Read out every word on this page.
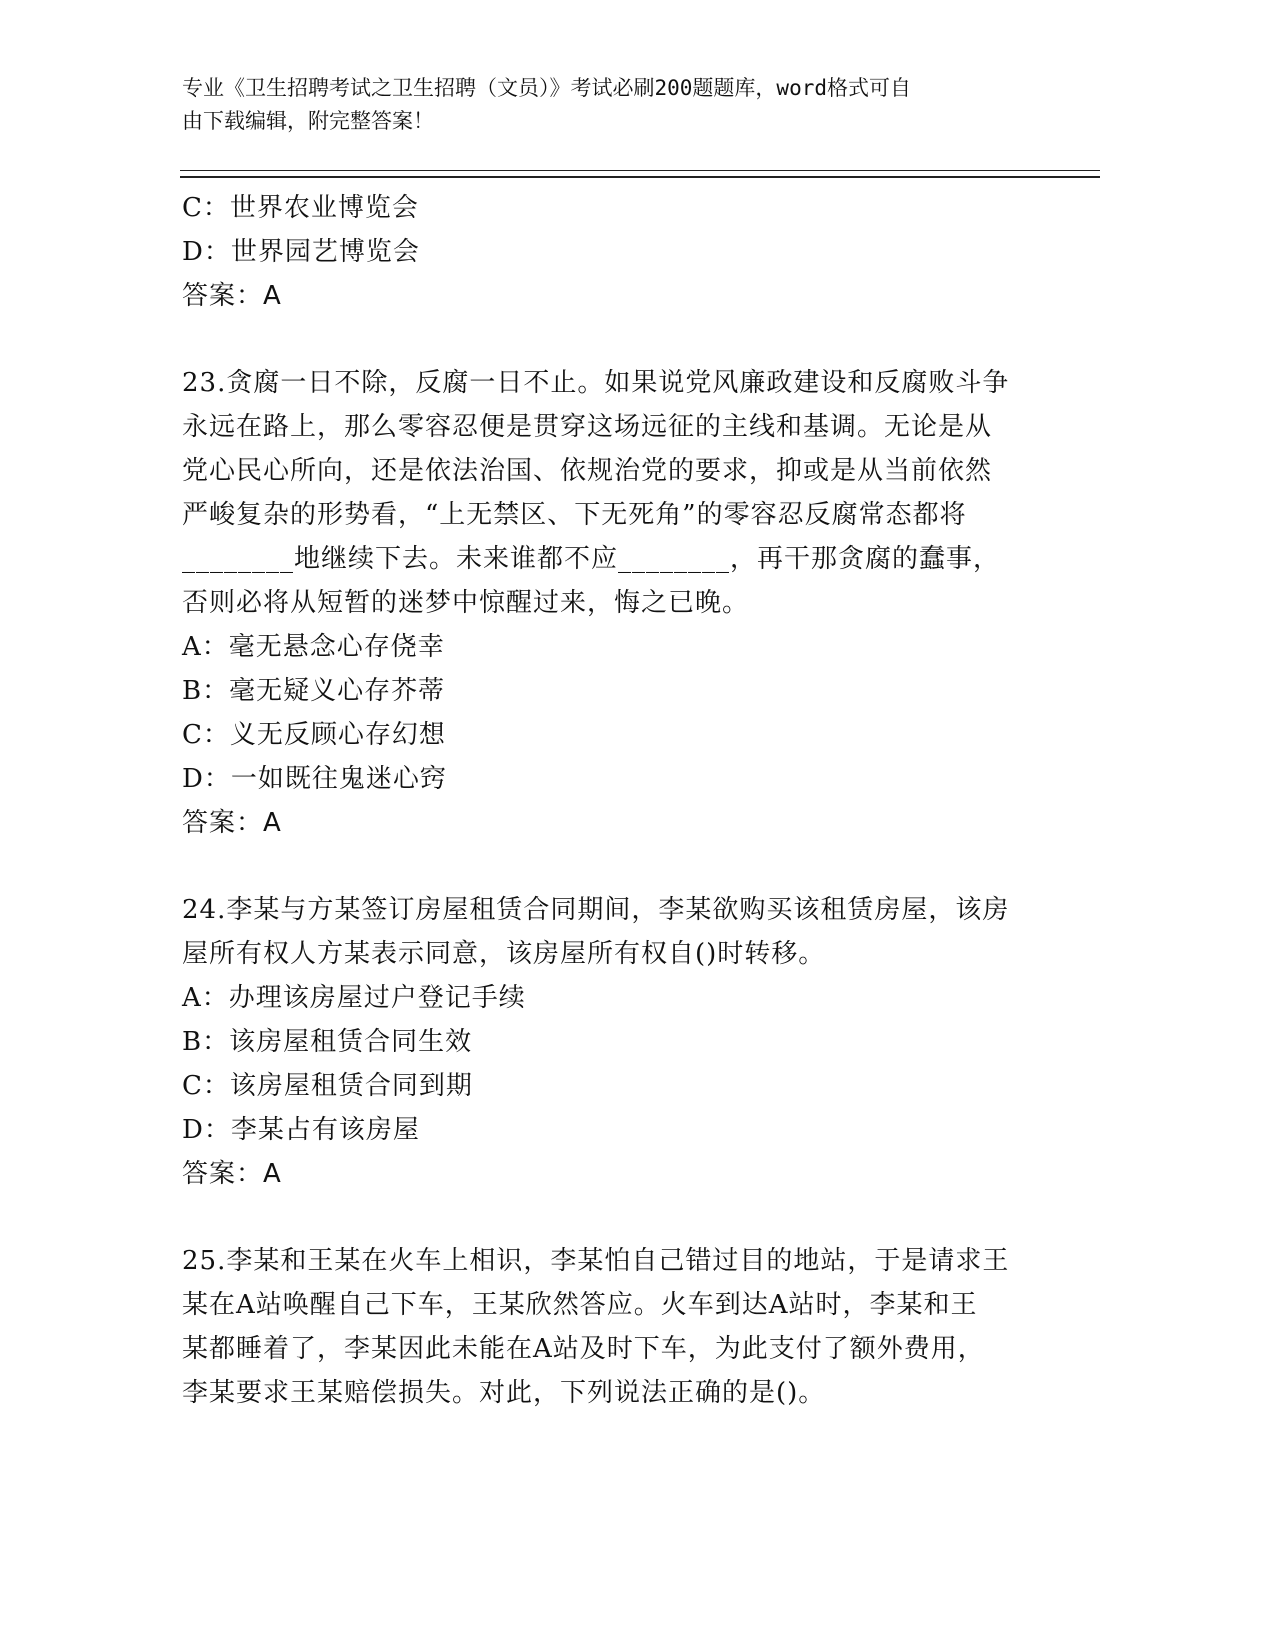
专业《卫生招聘考试之卫生招聘（文员）》考试必刷200题题库，word格式可自
由下载编辑，附完整答案！
C：世界农业博览会
D：世界园艺博览会
答案：A
23.贪腐一日不除，反腐一日不止。如果说党风廉政建设和反腐败斗争
永远在路上，那么零容忍便是贯穿这场远征的主线和基调。无论是从
党心民心所向，还是依法治国、依规治党的要求，抑或是从当前依然
严峻复杂的形势看，“上无禁区、下无死角”的零容忍反腐常态都将
________地继续下去。未来谁都不应________，再干那贪腐的蠢事，
否则必将从短暂的迷梦中惊醒过来，悔之已晚。
A：毫无悬念心存侥幸
B：毫无疑义心存芥蒂
C：义无反顾心存幻想
D：一如既往鬼迷心窍
答案：A
24.李某与方某签订房屋租赁合同期间，李某欲购买该租赁房屋，该房
屋所有权人方某表示同意，该房屋所有权自()时转移。
A：办理该房屋过户登记手续
B：该房屋租赁合同生效
C：该房屋租赁合同到期
D：李某占有该房屋
答案：A
25.李某和王某在火车上相识，李某怕自己错过目的地站，于是请求王
某在A站唤醒自己下车，王某欣然答应。火车到达A站时，李某和王
某都睡着了，李某因此未能在A站及时下车，为此支付了额外费用，
李某要求王某赔偿损失。对此，下列说法正确的是()。
